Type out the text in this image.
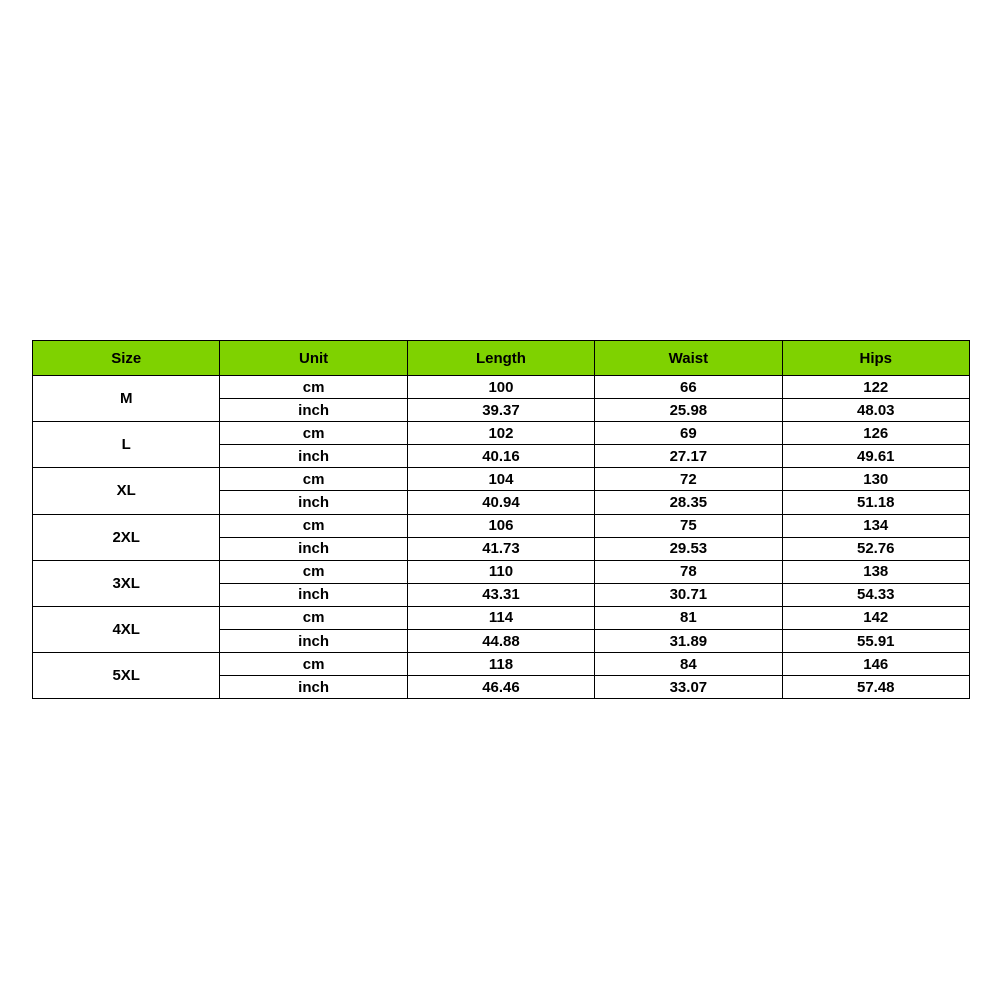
Size	Unit	Length	Waist	Hips
M	cm	100	66	122
	inch	39.37	25.98	48.03
L	cm	102	69	126
	inch	40.16	27.17	49.61
XL	cm	104	72	130
	inch	40.94	28.35	51.18
2XL	cm	106	75	134
	inch	41.73	29.53	52.76
3XL	cm	110	78	138
	inch	43.31	30.71	54.33
4XL	cm	114	81	142
	inch	44.88	31.89	55.91
5XL	cm	118	84	146
	inch	46.46	33.07	57.48
